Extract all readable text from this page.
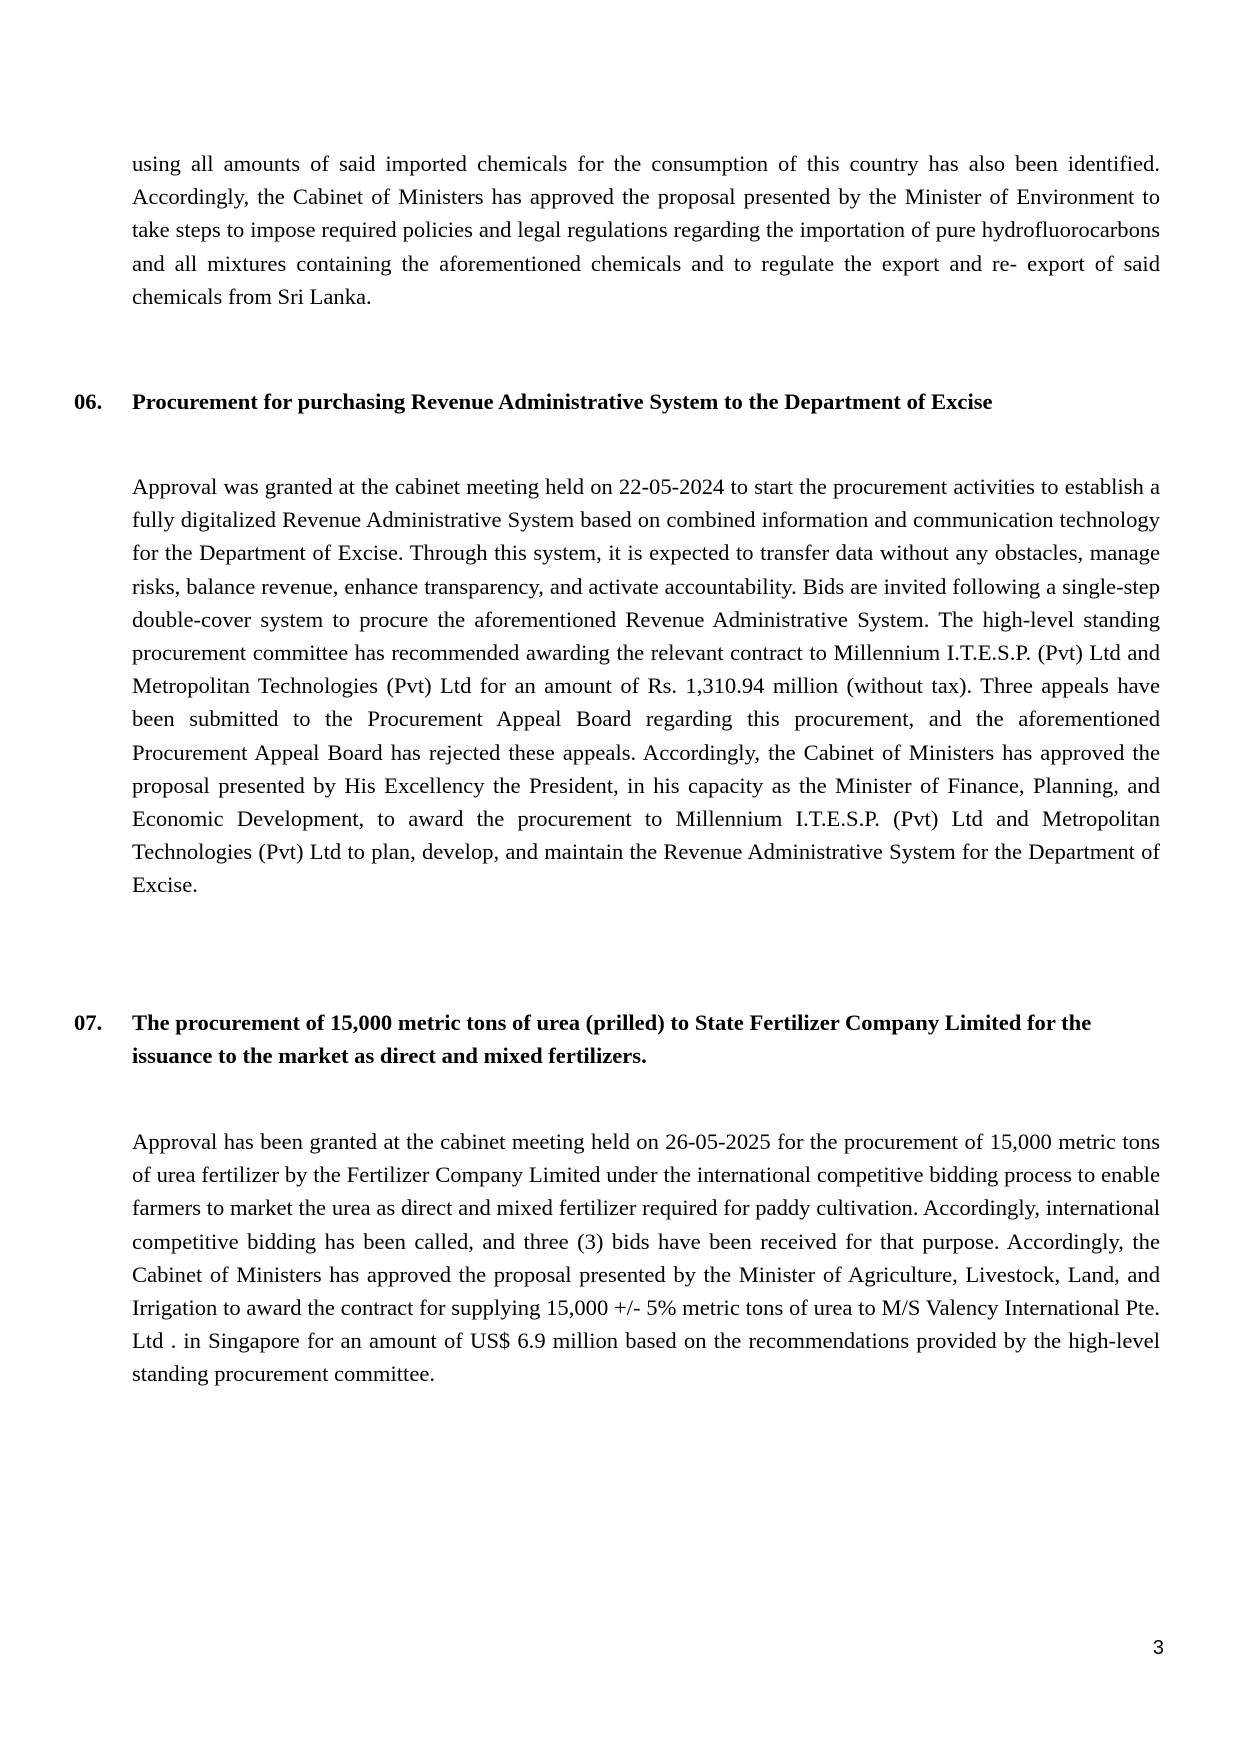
using all amounts of said imported chemicals for the consumption of this country has also been identified. Accordingly, the Cabinet of Ministers has approved the proposal presented by the Minister of Environment to take steps to impose required policies and legal regulations regarding the importation of pure hydrofluorocarbons and all mixtures containing the aforementioned chemicals and to regulate the export and re- export of said chemicals from Sri Lanka.

06.	Procurement for purchasing Revenue Administrative System to the Department of Excise

Approval was granted at the cabinet meeting held on 22-05-2024 to start the procurement activities to establish a fully digitalized Revenue Administrative System based on combined information and communication technology for the Department of Excise. Through this system, it is expected to transfer data without any obstacles, manage risks, balance revenue, enhance transparency, and activate accountability. Bids are invited following a single-step double-cover system to procure the aforementioned Revenue Administrative System. The high-level standing procurement committee has recommended awarding the relevant contract to Millennium I.T.E.S.P. (Pvt) Ltd and Metropolitan Technologies (Pvt) Ltd for an amount of Rs. 1,310.94 million (without tax). Three appeals have been submitted to the Procurement Appeal Board regarding this procurement, and the aforementioned Procurement Appeal Board has rejected these appeals. Accordingly, the Cabinet of Ministers has approved the proposal presented by His Excellency the President, in his capacity as the Minister of Finance, Planning, and Economic Development, to award the procurement to Millennium I.T.E.S.P. (Pvt) Ltd and Metropolitan Technologies (Pvt) Ltd to plan, develop, and maintain the Revenue Administrative System for the Department of Excise.

07.	The procurement of 15,000 metric tons of urea (prilled) to State Fertilizer Company Limited for the issuance to the market as direct and mixed fertilizers.

Approval has been granted at the cabinet meeting held on 26-05-2025 for the procurement of 15,000 metric tons of urea fertilizer by the Fertilizer Company Limited under the international competitive bidding process to enable farmers to market the urea as direct and mixed fertilizer required for paddy cultivation. Accordingly, international competitive bidding has been called, and three (3) bids have been received for that purpose. Accordingly, the Cabinet of Ministers has approved the proposal presented by the Minister of Agriculture, Livestock, Land, and Irrigation to award the contract for supplying 15,000 +/- 5% metric tons of urea to M/S Valency International Pte. Ltd . in Singapore for an amount of US$ 6.9 million based on the recommendations provided by the high-level standing procurement committee.

3
